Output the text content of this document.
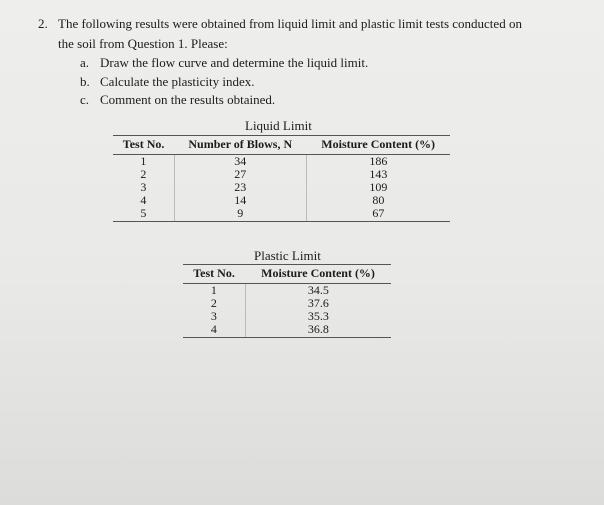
2. The following results were obtained from liquid limit and plastic limit tests conducted on
the soil from Question 1. Please:
a. Draw the flow curve and determine the liquid limit.
b. Calculate the plasticity index.
c. Comment on the results obtained.
Liquid Limit
Test No.	Number of Blows, N	Moisture Content (%)
1	34	186
2	27	143
3	23	109
4	14	80
5	9	67
Plastic Limit
Test No.	Moisture Content (%)
1	34.5
2	37.6
3	35.3
4	36.8
